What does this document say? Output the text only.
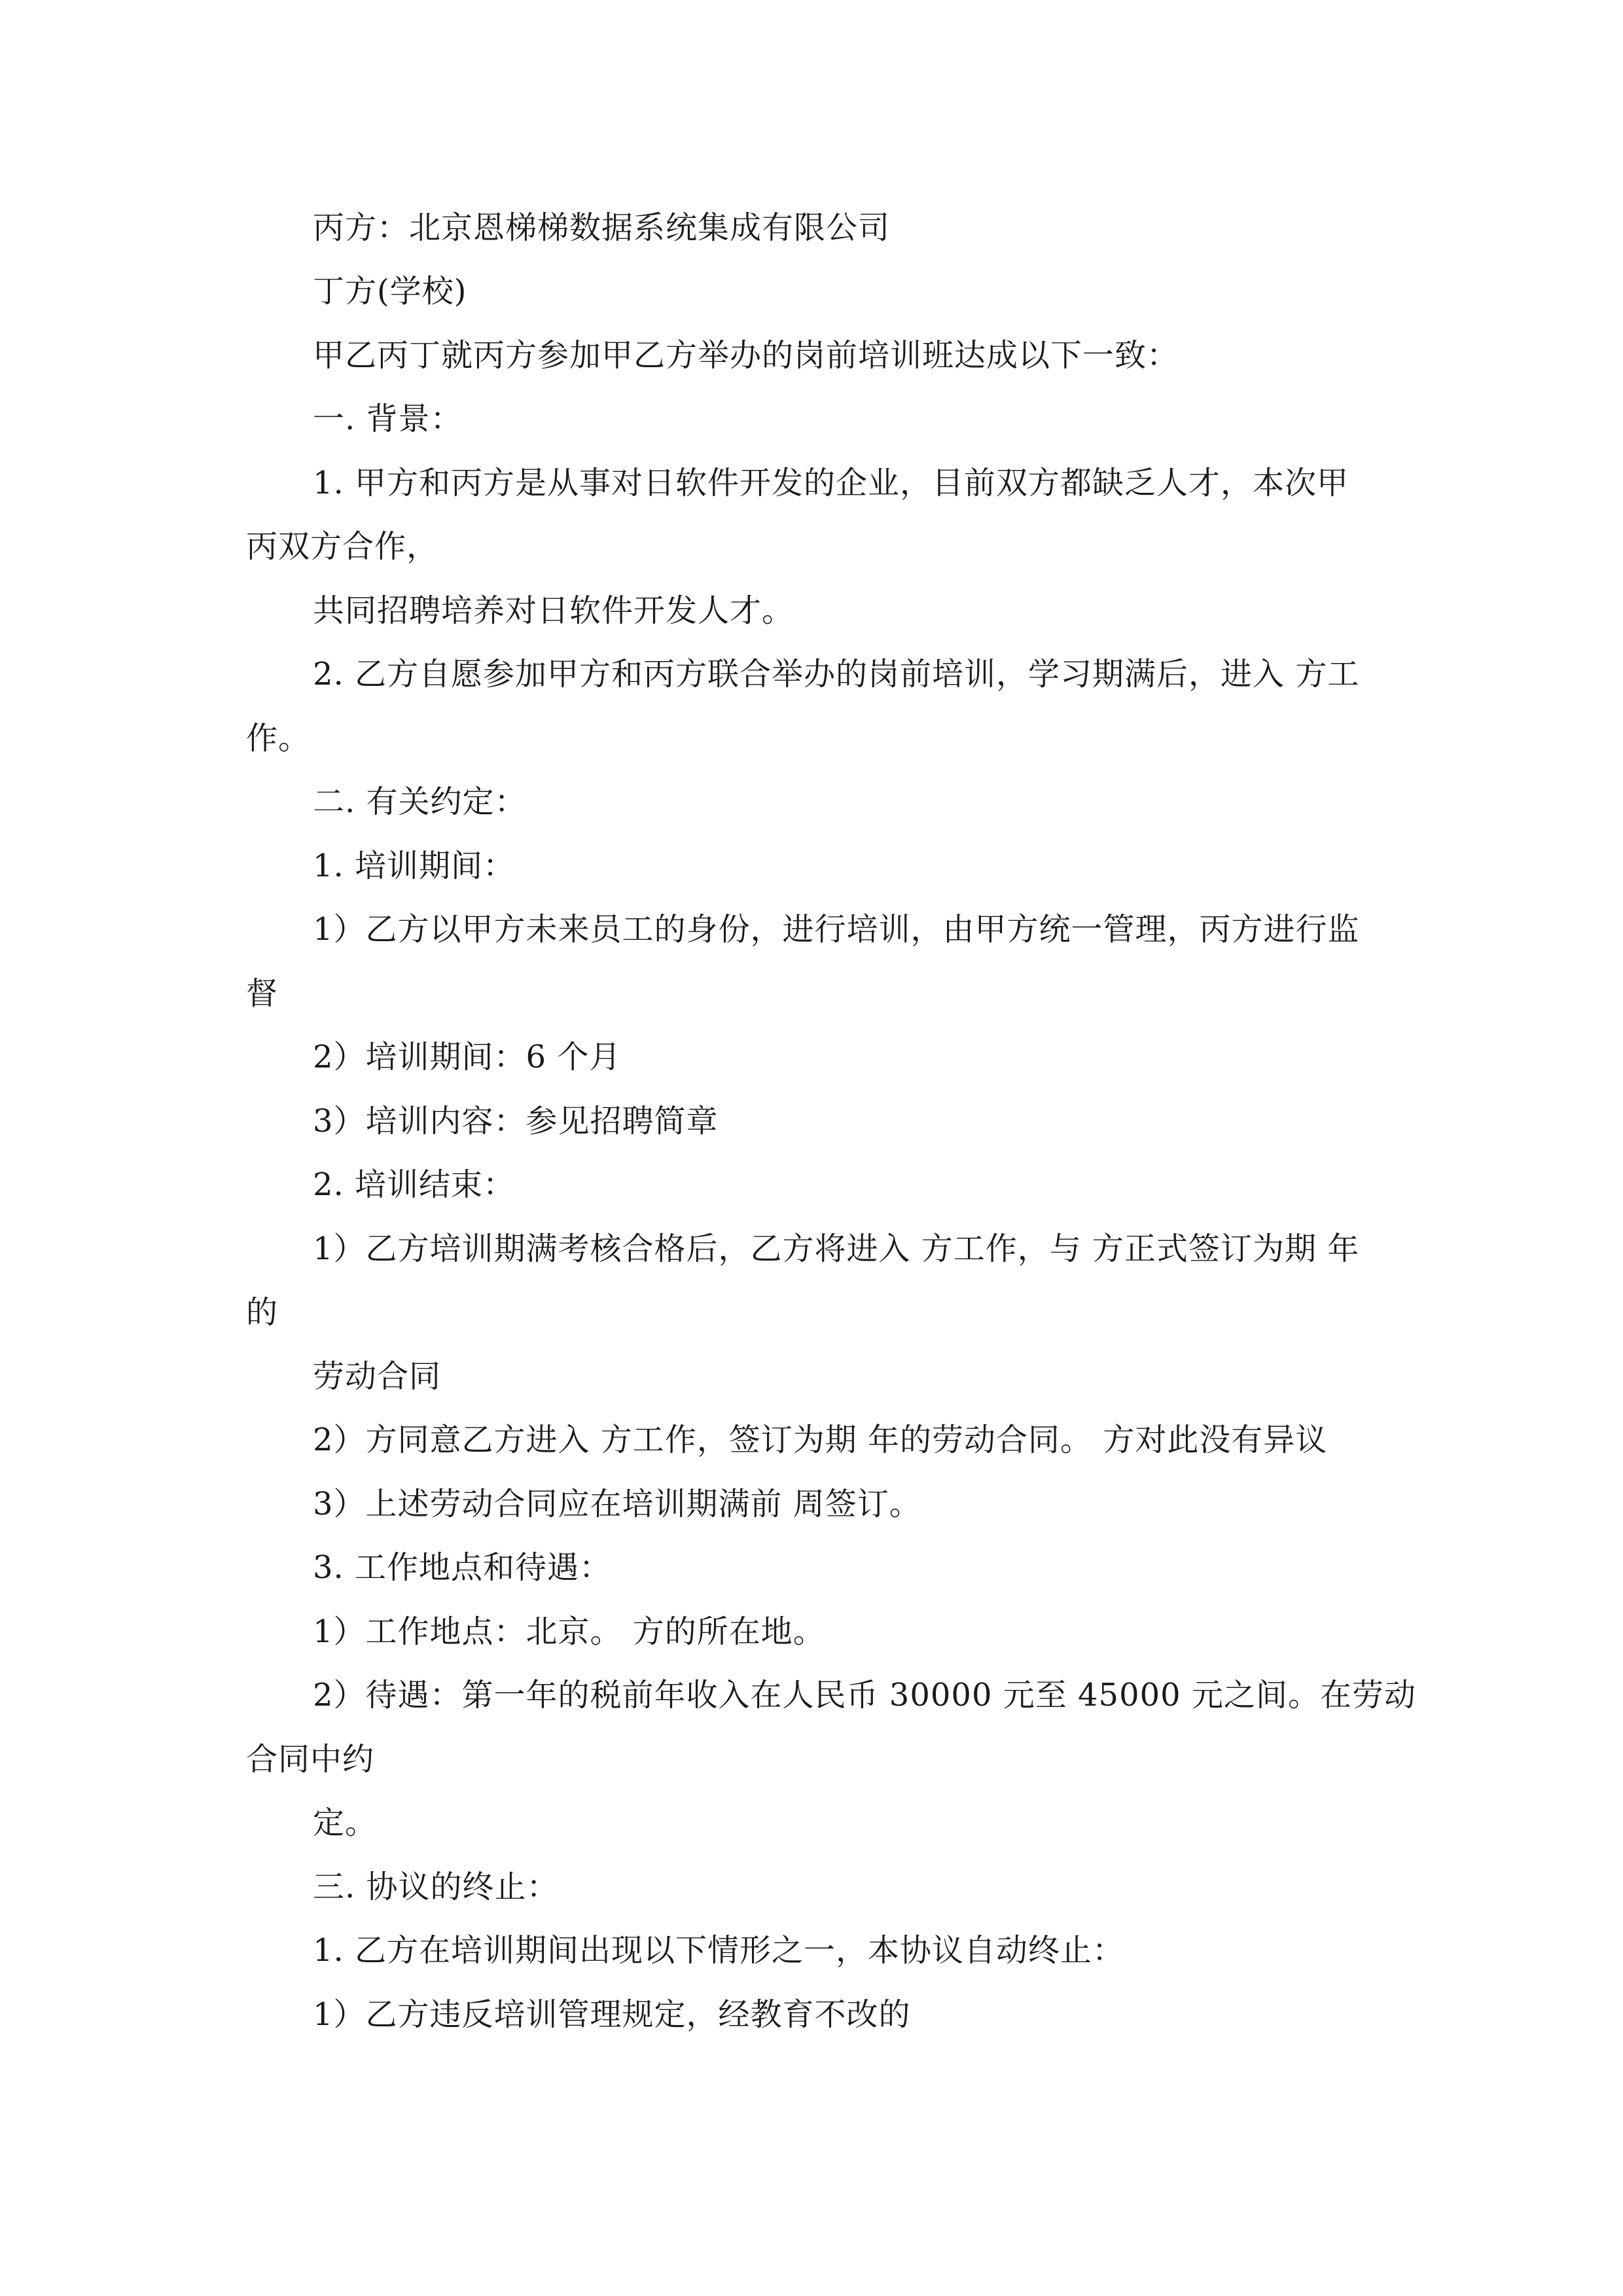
丙方：北京恩梯梯数据系统集成有限公司
丁方(学校)
甲乙丙丁就丙方参加甲乙方举办的岗前培训班达成以下一致：
一. 背景：
1. 甲方和丙方是从事对日软件开发的企业，目前双方都缺乏人才，本次甲
丙双方合作，
共同招聘培养对日软件开发人才。
2. 乙方自愿参加甲方和丙方联合举办的岗前培训，学习期满后，进入 方工
作。
二. 有关约定：
1. 培训期间：
1）乙方以甲方未来员工的身份，进行培训，由甲方统一管理，丙方进行监
督
2）培训期间：6 个月
3）培训内容：参见招聘简章
2. 培训结束：
1）乙方培训期满考核合格后，乙方将进入 方工作，与 方正式签订为期 年
的
劳动合同
2）方同意乙方进入 方工作，签订为期 年的劳动合同。 方对此没有异议
3）上述劳动合同应在培训期满前 周签订。
3. 工作地点和待遇：
1）工作地点：北京。 方的所在地。
2）待遇：第一年的税前年收入在人民币 30000 元至 45000 元之间。在劳动
合同中约
定。
三. 协议的终止：
1. 乙方在培训期间出现以下情形之一，本协议自动终止：
1）乙方违反培训管理规定，经教育不改的
